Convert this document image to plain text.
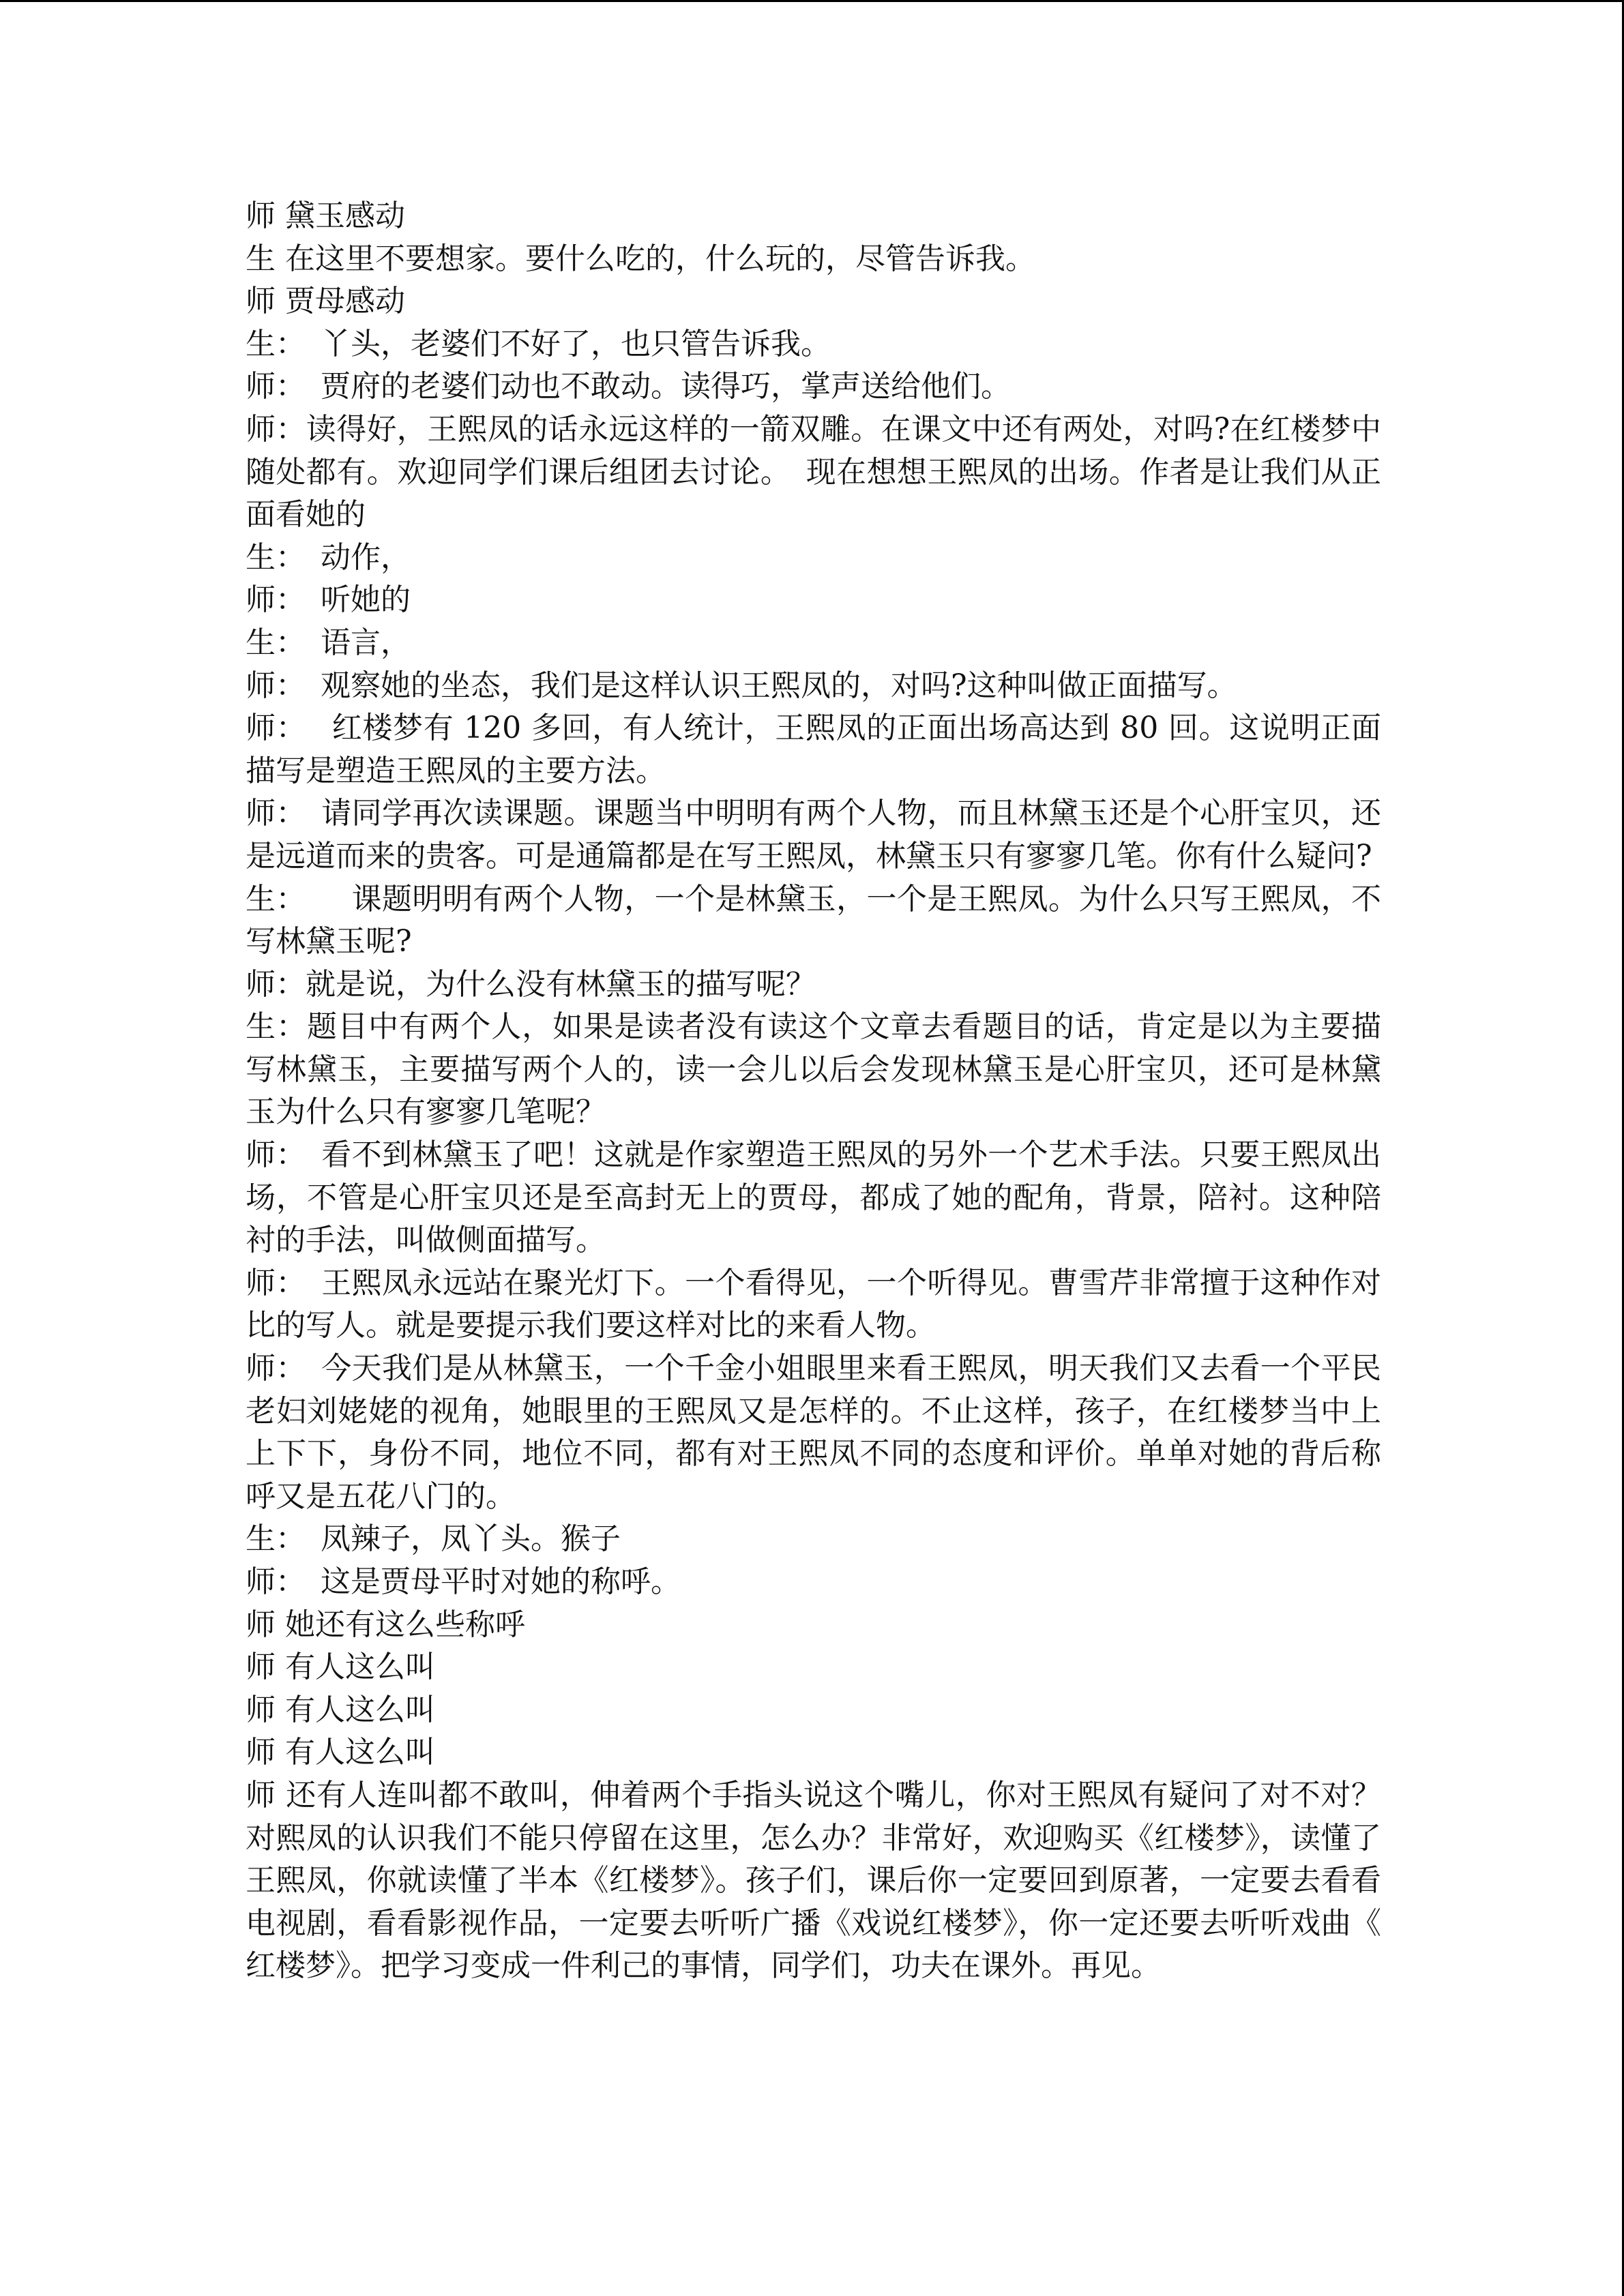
师 黛玉感动

生 在这里不要想家。要什么吃的，什么玩的，尽管告诉我。

师 贾母感动

生：　丫头，老婆们不好了，也只管告诉我。

师：　贾府的老婆们动也不敢动。读得巧，掌声送给他们。

师：读得好，王熙凤的话永远这样的一箭双雕。在课文中还有两处，对吗?在红楼梦中随处都有。欢迎同学们课后组团去讨论。　现在想想王熙凤的出场。作者是让我们从正面看她的

生：　动作，

师：　听她的

生：　语言，

师：　观察她的坐态，我们是这样认识王熙凤的，对吗?这种叫做正面描写。

师：　 红楼梦有 120 多回，有人统计，王熙凤的正面出场高达到 80 回。这说明正面描写是塑造王熙凤的主要方法。

师：　请同学再次读课题。课题当中明明有两个人物，而且林黛玉还是个心肝宝贝，还是远道而来的贵客。可是通篇都是在写王熙凤，林黛玉只有寥寥几笔。你有什么疑问?

生：　　课题明明有两个人物，一个是林黛玉，一个是王熙凤。为什么只写王熙凤，不写林黛玉呢?

师：就是说，为什么没有林黛玉的描写呢？

生：题目中有两个人，如果是读者没有读这个文章去看题目的话，肯定是以为主要描写林黛玉，主要描写两个人的，读一会儿以后会发现林黛玉是心肝宝贝，还可是林黛玉为什么只有寥寥几笔呢？

师：　看不到林黛玉了吧！这就是作家塑造王熙凤的另外一个艺术手法。只要王熙凤出场，不管是心肝宝贝还是至高封无上的贾母，都成了她的配角，背景，陪衬。这种陪衬的手法，叫做侧面描写。

师：　王熙凤永远站在聚光灯下。一个看得见，一个听得见。曹雪芹非常擅于这种作对比的写人。就是要提示我们要这样对比的来看人物。

师：　今天我们是从林黛玉，一个千金小姐眼里来看王熙凤，明天我们又去看一个平民老妇刘姥姥的视角，她眼里的王熙凤又是怎样的。不止这样，孩子，在红楼梦当中上上下下，身份不同，地位不同，都有对王熙凤不同的态度和评价。单单对她的背后称呼又是五花八门的。

生：　凤辣子，凤丫头。猴子

师：　这是贾母平时对她的称呼。

师 她还有这么些称呼

师 有人这么叫

师 有人这么叫

师 有人这么叫

师 还有人连叫都不敢叫，伸着两个手指头说这个嘴儿，你对王熙凤有疑问了对不对？对熙凤的认识我们不能只停留在这里，怎么办？非常好，欢迎购买《红楼梦》，读懂了王熙凤，你就读懂了半本《红楼梦》。孩子们，课后你一定要回到原著，一定要去看看电视剧，看看影视作品，一定要去听听广播《戏说红楼梦》，你一定还要去听听戏曲《红楼梦》。把学习变成一件利己的事情，同学们，功夫在课外。再见。
